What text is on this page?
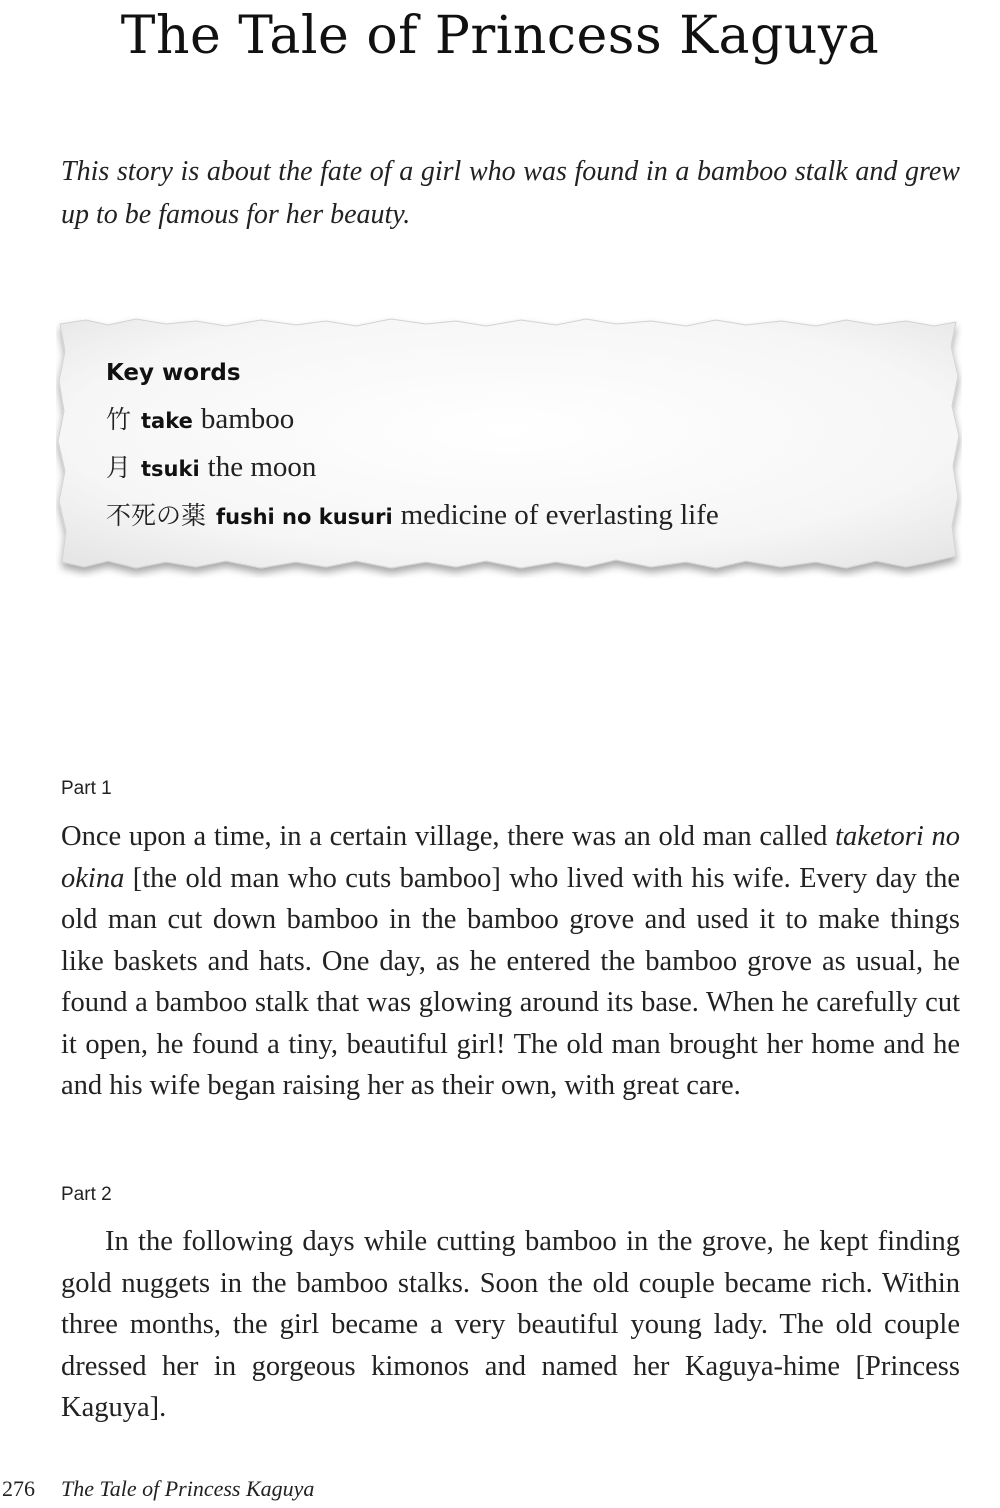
The Tale of Princess Kaguya

This story is about the fate of a girl who was found in a bamboo stalk and grew up to be famous for her beauty.

Key words
竹 take bamboo
月 tsuki the moon
不死の薬 fushi no kusuri medicine of everlasting life

Part 1

Once upon a time, in a certain village, there was an old man called taketori no okina [the old man who cuts bamboo] who lived with his wife. Every day the old man cut down bamboo in the bamboo grove and used it to make things like baskets and hats. One day, as he entered the bamboo grove as usual, he found a bamboo stalk that was glowing around its base. When he carefully cut it open, he found a tiny, beautiful girl! The old man brought her home and he and his wife began raising her as their own, with great care.

Part 2

In the following days while cutting bamboo in the grove, he kept finding gold nuggets in the bamboo stalks. Soon the old couple became rich. Within three months, the girl became a very beautiful young lady. The old couple dressed her in gorgeous kimonos and named her Kaguya-hime [Princess Kaguya].

276 The Tale of Princess Kaguya
